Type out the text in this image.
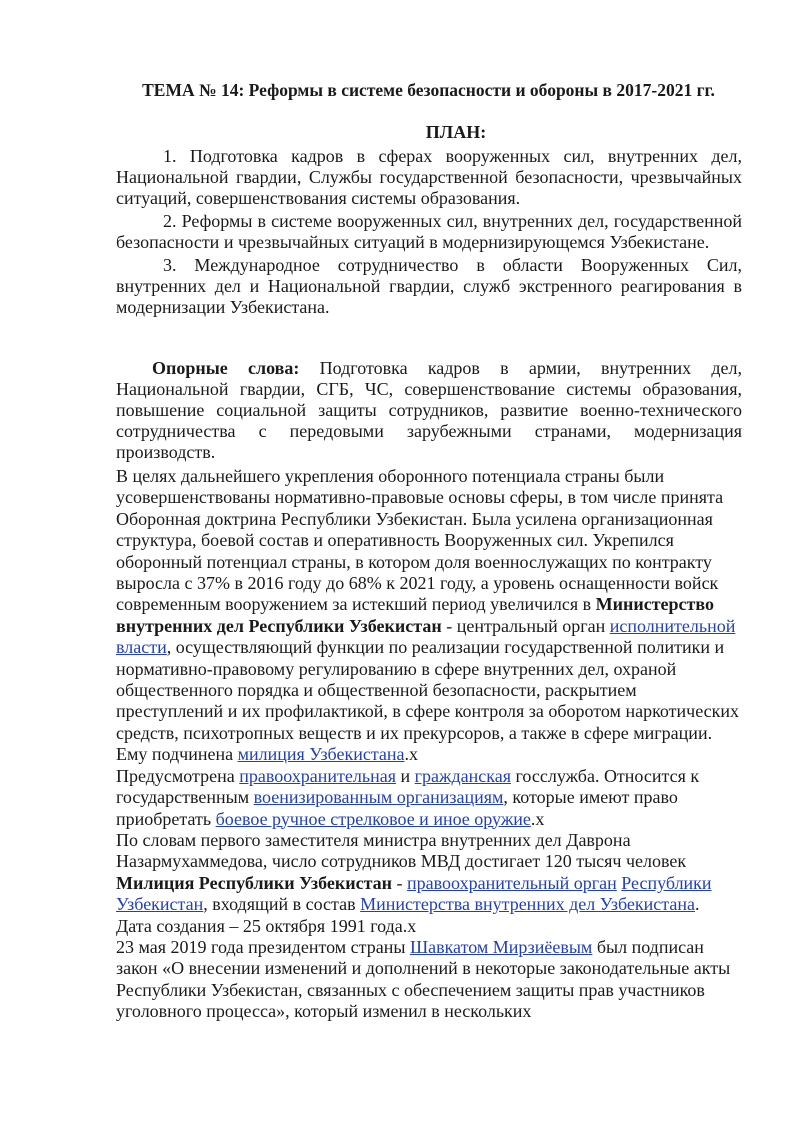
ТЕМА № 14: Реформы в системе безопасности и обороны в 2017-2021 гг.
ПЛАН:

1. Подготовка кадров в сферах вооруженных сил, внутренних дел, Национальной гвардии, Службы государственной безопасности, чрезвычайных ситуаций, совершенствования системы образования.

2. Реформы в системе вооруженных сил, внутренних дел, государственной безопасности и чрезвычайных ситуаций в модернизирующемся Узбекистане.

3. Международное сотрудничество в области Вооруженных Сил, внутренних дел и Национальной гвардии, служб экстренного реагирования в модернизации Узбекистана.

Опорные слова: Подготовка кадров в армии, внутренних дел, Национальной гвардии, СГБ, ЧС, совершенствование системы образования, повышение социальной защиты сотрудников, развитие военно-технического сотрудничества с передовыми зарубежными странами, модернизация производств.

В целях дальнейшего укрепления оборонного потенциала страны были усовершенствованы нормативно-правовые основы сферы, в том числе принята Оборонная доктрина Республики Узбекистан. Была усилена организационная структура, боевой состав и оперативность Вооруженных сил. Укрепился оборонный потенциал страны, в котором доля военнослужащих по контракту выросла с 37% в 2016 году до 68% к 2021 году, а уровень оснащенности войск современным вооружением за истекший период увеличился в Министерство внутренних дел Республики Узбекистан - центральный орган исполнительной власти, осуществляющий функции по реализации государственной политики и нормативно-правовому регулированию в сфере внутренних дел, охраной общественного порядка и общественной безопасности, раскрытием преступлений и их профилактикой, в сфере контроля за оборотом наркотических средств, психотропных веществ и их прекурсоров, а также в сфере миграции. Ему подчинена милиция Узбекистана.х

Предусмотрена правоохранительная и гражданская госслужба. Относится к государственным военизированным организациям, которые имеют право приобретать боевое ручное стрелковое и иное оружие.х

По словам первого заместителя министра внутренних дел Даврона Назармухаммедова, число сотрудников МВД достигает 120 тысяч человек

Милиция Республики Узбекистан - правоохранительный орган Республики Узбекистан, входящий в состав Министерства внутренних дел Узбекистана.

Дата создания – 25 октября 1991 года.х

23 мая 2019 года президентом страны Шавкатом Мирзиёевым был подписан закон «О внесении изменений и дополнений в некоторые законодательные акты Республики Узбекистан, связанных с обеспечением защиты прав участников уголовного процесса», который изменил в нескольких
